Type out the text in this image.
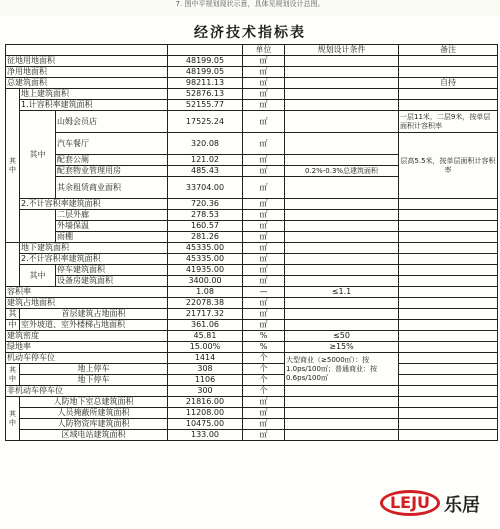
7. 图中平规划现状示意，具体见规划设计总图。
经济技术指标表
				单位	规划设计条件	备注
征地用地面积			48199.05	㎡		
净用地面积			48199.05	㎡		
总建筑面积			98211.13	㎡		自持
其中	地上建筑面积		52876.13	㎡		
	1.计容积率建筑面积		52155.77	㎡		
	其中	山姆会员店	17525.24	㎡		一层11米，二层9米，按单层面积计容积率
		汽车餐厅	320.08	㎡		层高5.5米，按单层面积计容积率
		配套公厕	121.02	㎡		
		配套物业管理用房	485.43	㎡	0.2%-0.3%总建筑面积	
		其余租赁商业面积	33704.00	㎡		
	2.不计容积率建筑面积		720.36	㎡		
		二层外廊	278.53	㎡		
		外墙保温	160.57	㎡		
		雨棚	281.26	㎡		
	地下建筑面积		45335.00	㎡		
	2.不计容积率建筑面积		45335.00	㎡		
	其中	停车建筑面积	41935.00	㎡		
		设备房建筑面积	3400.00	㎡		
容积率			1.08	—	≤1.1	
建筑占地面积			22078.38	㎡		
其	首层建筑占地面积		21717.32	㎡		
中	室外坡道、室外楼梯占地面积		361.06	㎡		
建筑密度			45.81	%	≤50	
绿地率			15.00%	%	≥15%	
机动车停车位			1414	个	大型商业（≥5000㎡）：按1.0ps/100㎡；普通商业：按0.6ps/100㎡	
其中	地上停车		308	个		
	地下停车		1106	个		
非机动车停车位			300	个		
其中	人防地下室总建筑面积		21816.00	㎡		
	人员掩蔽所建筑面积		11208.00	㎡		
	人防物资库建筑面积		10475.00	㎡		
	区域电站建筑面积		133.00	㎡		
LEJU 乐居
